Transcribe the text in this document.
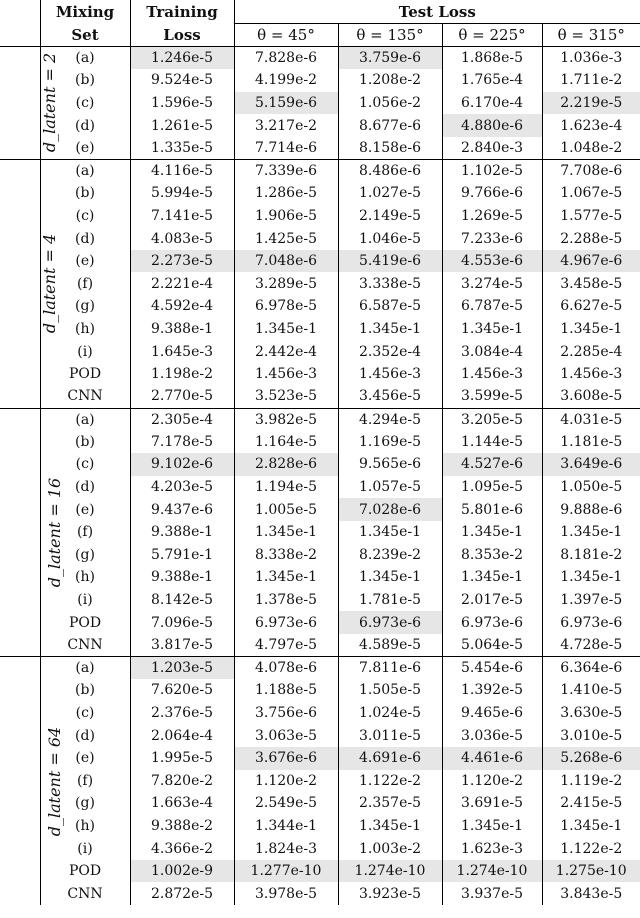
	Mixing	Training	Test Loss			
	Set	Loss	θ = 45°	θ = 135°	θ = 225°	θ = 315°
d_latent = 2	(a)	1.246e-5	7.828e-6	3.759e-6	1.868e-5	1.036e-3
	(b)	9.524e-5	4.199e-2	1.208e-2	1.765e-4	1.711e-2
	(c)	1.596e-5	5.159e-6	1.056e-2	6.170e-4	2.219e-5
	(d)	1.261e-5	3.217e-2	8.677e-6	4.880e-6	1.623e-4
	(e)	1.335e-5	7.714e-6	8.158e-6	2.840e-3	1.048e-2
d_latent = 4	(a)	4.116e-5	7.339e-6	8.486e-6	1.102e-5	7.708e-6
	(b)	5.994e-5	1.286e-5	1.027e-5	9.766e-6	1.067e-5
	(c)	7.141e-5	1.906e-5	2.149e-5	1.269e-5	1.577e-5
	(d)	4.083e-5	1.425e-5	1.046e-5	7.233e-6	2.288e-5
	(e)	2.273e-5	7.048e-6	5.419e-6	4.553e-6	4.967e-6
	(f)	2.221e-4	3.289e-5	3.338e-5	3.274e-5	3.458e-5
	(g)	4.592e-4	6.978e-5	6.587e-5	6.787e-5	6.627e-5
	(h)	9.388e-1	1.345e-1	1.345e-1	1.345e-1	1.345e-1
	(i)	1.645e-3	2.442e-4	2.352e-4	3.084e-4	2.285e-4
	POD	1.198e-2	1.456e-3	1.456e-3	1.456e-3	1.456e-3
	CNN	2.770e-5	3.523e-5	3.456e-5	3.599e-5	3.608e-5
d_latent = 16	(a)	2.305e-4	3.982e-5	4.294e-5	3.205e-5	4.031e-5
	(b)	7.178e-5	1.164e-5	1.169e-5	1.144e-5	1.181e-5
	(c)	9.102e-6	2.828e-6	9.565e-6	4.527e-6	3.649e-6
	(d)	4.203e-5	1.194e-5	1.057e-5	1.095e-5	1.050e-5
	(e)	9.437e-6	1.005e-5	7.028e-6	5.801e-6	9.888e-6
	(f)	9.388e-1	1.345e-1	1.345e-1	1.345e-1	1.345e-1
	(g)	5.791e-1	8.338e-2	8.239e-2	8.353e-2	8.181e-2
	(h)	9.388e-1	1.345e-1	1.345e-1	1.345e-1	1.345e-1
	(i)	8.142e-5	1.378e-5	1.781e-5	2.017e-5	1.397e-5
	POD	7.096e-5	6.973e-6	6.973e-6	6.973e-6	6.973e-6
	CNN	3.817e-5	4.797e-5	4.589e-5	5.064e-5	4.728e-5
d_latent = 64	(a)	1.203e-5	4.078e-6	7.811e-6	5.454e-6	6.364e-6
	(b)	7.620e-5	1.188e-5	1.505e-5	1.392e-5	1.410e-5
	(c)	2.376e-5	3.756e-6	1.024e-5	9.465e-6	3.630e-5
	(d)	2.064e-4	3.063e-5	3.011e-5	3.036e-5	3.010e-5
	(e)	1.995e-5	3.676e-6	4.691e-6	4.461e-6	5.268e-6
	(f)	7.820e-2	1.120e-2	1.122e-2	1.120e-2	1.119e-2
	(g)	1.663e-4	2.549e-5	2.357e-5	3.691e-5	2.415e-5
	(h)	9.388e-2	1.344e-1	1.345e-1	1.345e-1	1.345e-1
	(i)	4.366e-2	1.824e-3	1.003e-2	1.623e-3	1.122e-2
	POD	1.002e-9	1.277e-10	1.274e-10	1.274e-10	1.275e-10
	CNN	2.872e-5	3.978e-5	3.923e-5	3.937e-5	3.843e-5
